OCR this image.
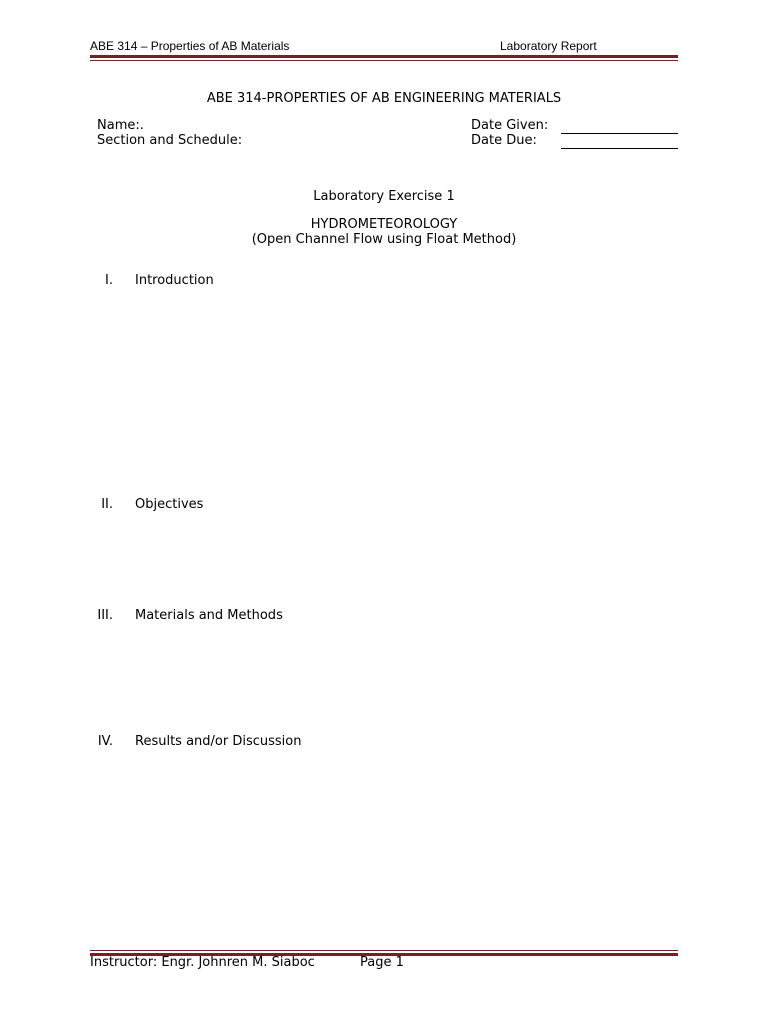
ABE 314 – Properties of AB Materials	Laboratory Report
ABE 314-PROPERTIES OF AB ENGINEERING MATERIALS
Name:.
Section and Schedule:
Date Given:
Date Due:
Laboratory Exercise 1
HYDROMETEOROLOGY
(Open Channel Flow using Float Method)
I. Introduction
II. Objectives
III. Materials and Methods
IV. Results and/or Discussion
Instructor: Engr. Johnren M. Siaboc	Page 1
